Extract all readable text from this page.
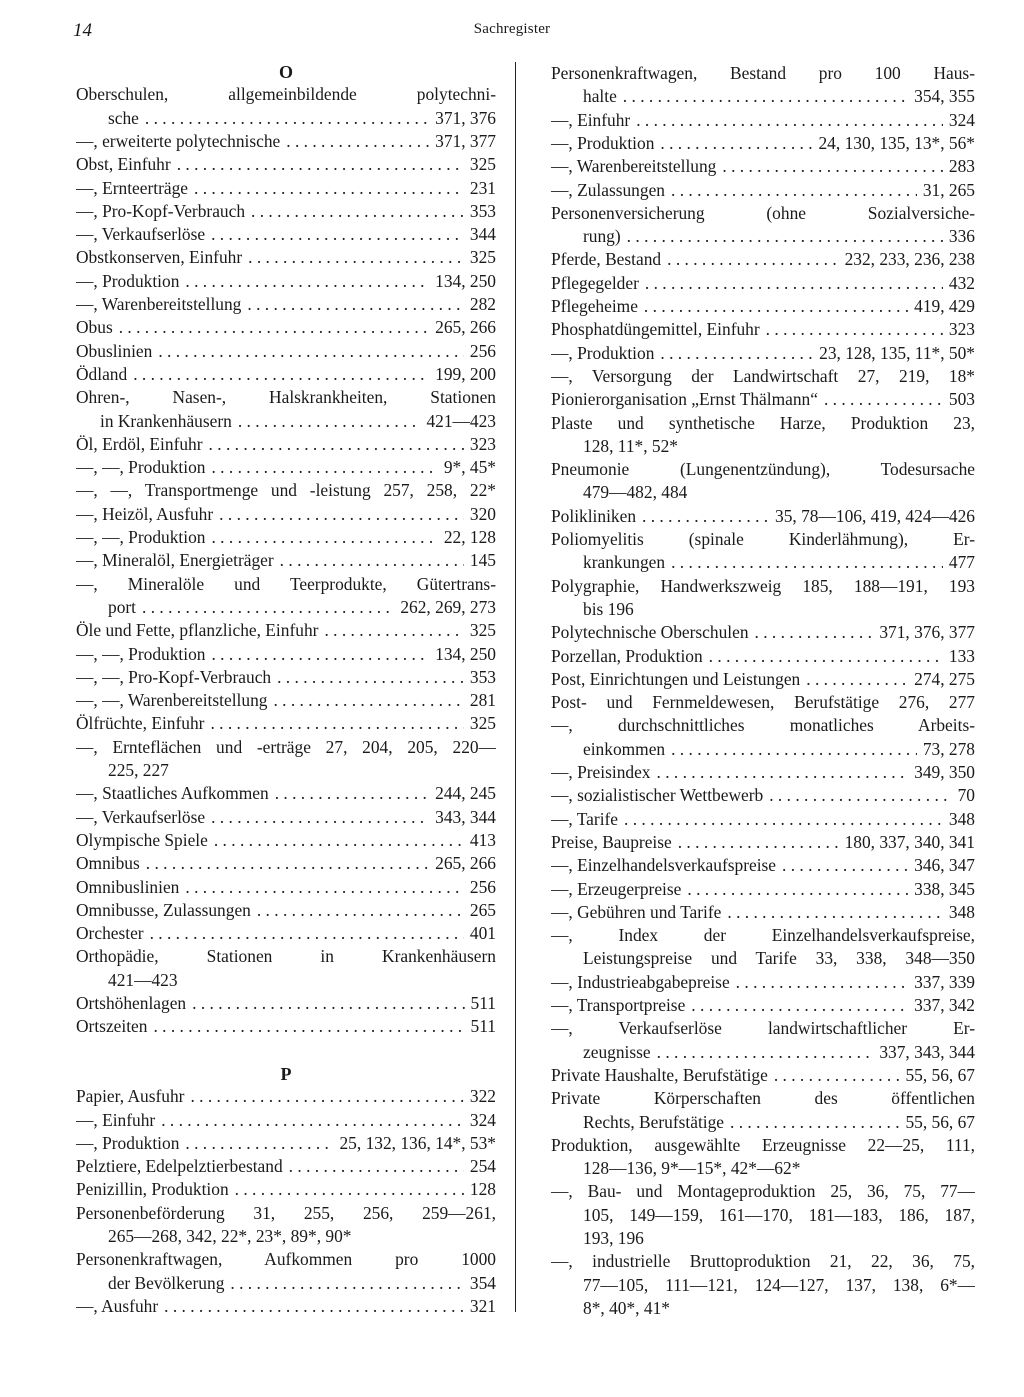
14	Sachregister
O
Oberschulen, allgemeinbildende polytechni-
sche . . .	371, 376
—, erweiterte polytechnische . . .	371, 377
Obst, Einfuhr . . .	325
—, Ernteerträge . . .	231
—, Pro-Kopf-Verbrauch . . .	353
—, Verkaufserlöse . . .	344
Obstkonserven, Einfuhr . . .	325
—, Produktion . . .	134, 250
—, Warenbereitstellung . . .	282
Obus . . .	265, 266
Obuslinien . . .	256
Ödland . . .	199, 200
Ohren-, Nasen-, Halskrankheiten, Stationen
in Krankenhäusern . . .	421—423
Öl, Erdöl, Einfuhr . . .	323
—, —, Produktion . . .	9*, 45*
—, —, Transportmenge und -leistung 257, 258, 22*
—, Heizöl, Ausfuhr . . .	320
—, —, Produktion . . .	22, 128
—, Mineralöl, Energieträger . . .	145
—, Mineralöle und Teerprodukte, Gütertrans-
port . . .	262, 269, 273
Öle und Fette, pflanzliche, Einfuhr . . .	325
—, —, Produktion . . .	134, 250
—, —, Pro-Kopf-Verbrauch . . .	353
—, —, Warenbereitstellung . . .	281
Ölfrüchte, Einfuhr . . .	325
—, Ernteflächen und -erträge 27, 204, 205, 220—
225, 227
—, Staatliches Aufkommen . . .	244, 245
—, Verkaufserlöse . . .	343, 344
Olympische Spiele . . .	413
Omnibus . . .	265, 266
Omnibuslinien . . .	256
Omnibusse, Zulassungen . . .	265
Orchester . . .	401
Orthopädie, Stationen in Krankenhäusern
421—423
Ortshöhenlagen . . .	511
Ortszeiten . . .	511
P
Papier, Ausfuhr . . .	322
—, Einfuhr . . .	324
—, Produktion . . .	25, 132, 136, 14*, 53*
Pelztiere, Edelpelztierbestand . . .	254
Penizillin, Produktion . . .	128
Personenbeförderung 31, 255, 256, 259—261,
265—268, 342, 22*, 23*, 89*, 90*
Personenkraftwagen, Aufkommen pro 1000
der Bevölkerung . . .	354
—, Ausfuhr . . .	321
Personenkraftwagen, Bestand pro 100 Haus-
halte . . .	354, 355
—, Einfuhr . . .	324
—, Produktion . . .	24, 130, 135, 13*, 56*
—, Warenbereitstellung . . .	283
—, Zulassungen . . .	31, 265
Personenversicherung (ohne Sozialversiche-
rung) . . .	336
Pferde, Bestand . . .	232, 233, 236, 238
Pflegegelder . . .	432
Pflegeheime . . .	419, 429
Phosphatdüngemittel, Einfuhr . . .	323
—, Produktion . . .	23, 128, 135, 11*, 50*
—, Versorgung der Landwirtschaft 27, 219, 18*
Pionierorganisation „Ernst Thälmann“ . . .	503
Plaste und synthetische Harze, Produktion 23,
128, 11*, 52*
Pneumonie (Lungenentzündung), Todesursache
479—482, 484
Polikliniken . . .	35, 78—106, 419, 424—426
Poliomyelitis (spinale Kinderlähmung), Er-
krankungen . . .	477
Polygraphie, Handwerkszweig 185, 188—191, 193
bis 196
Polytechnische Oberschulen . . .	371, 376, 377
Porzellan, Produktion . . .	133
Post, Einrichtungen und Leistungen . . .	274, 275
Post- und Fernmeldewesen, Berufstätige 276, 277
—, durchschnittliches monatliches Arbeits-
einkommen . . .	73, 278
—, Preisindex . . .	349, 350
—, sozialistischer Wettbewerb . . .	70
—, Tarife . . .	348
Preise, Baupreise . . .	180, 337, 340, 341
—, Einzelhandelsverkaufspreise . . .	346, 347
—, Erzeugerpreise . . .	338, 345
—, Gebühren und Tarife . . .	348
—, Index der Einzelhandelsverkaufspreise,
Leistungspreise und Tarife 33, 338, 348—350
—, Industrieabgabepreise . . .	337, 339
—, Transportpreise . . .	337, 342
—, Verkaufserlöse landwirtschaftlicher Er-
zeugnisse . . .	337, 343, 344
Private Haushalte, Berufstätige . . .	55, 56, 67
Private Körperschaften des öffentlichen
Rechts, Berufstätige . . .	55, 56, 67
Produktion, ausgewählte Erzeugnisse 22—25, 111,
128—136, 9*—15*, 42*—62*
—, Bau- und Montageproduktion 25, 36, 75, 77—
105, 149—159, 161—170, 181—183, 186, 187,
193, 196
—, industrielle Bruttoproduktion 21, 22, 36, 75,
77—105, 111—121, 124—127, 137, 138, 6*—
8*, 40*, 41*
